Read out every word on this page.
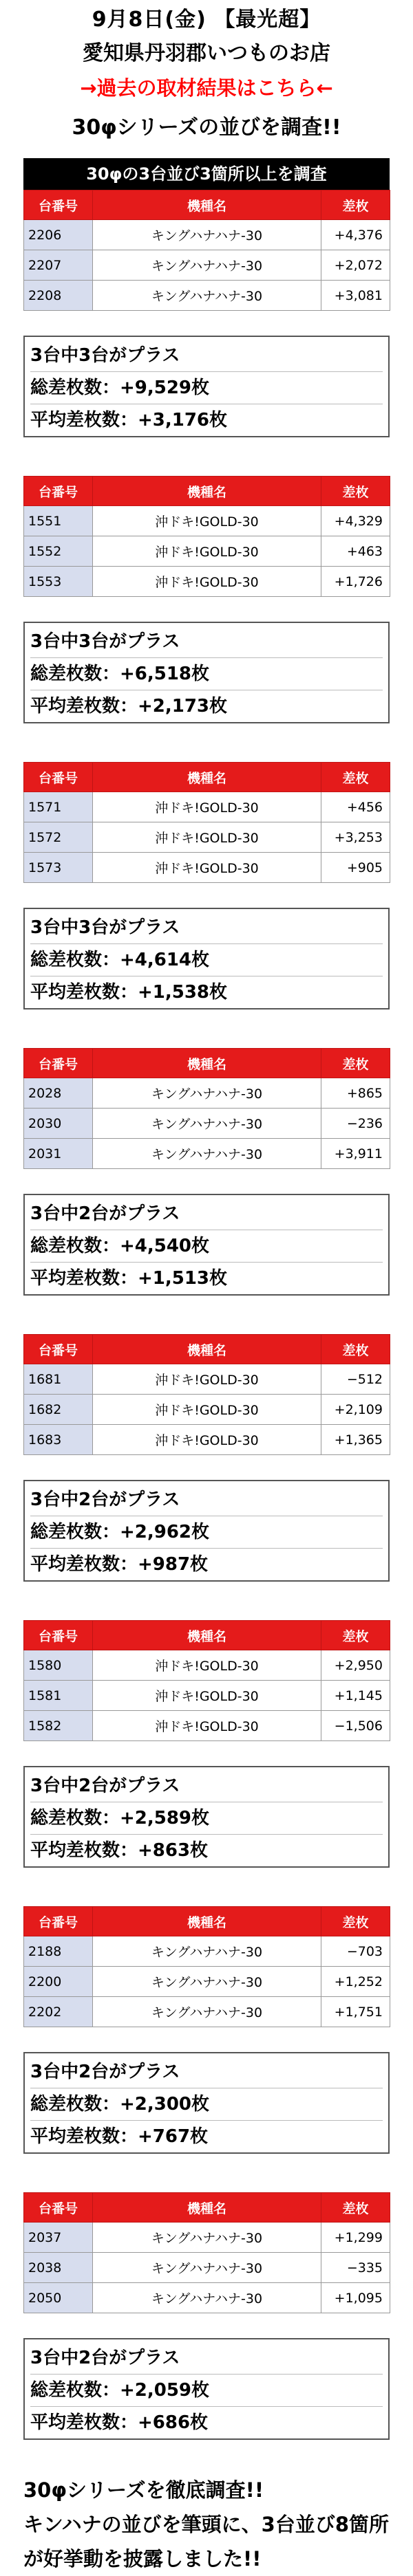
9月8日(金) 【最光超】
愛知県丹羽郡いつものお店
→過去の取材結果はこちら←
30φシリーズの並びを調査!!
30φの3台並び3箇所以上を調査
台番号	機種名	差枚
2206	キングハナハナ-30	+4,376
2207	キングハナハナ-30	+2,072
2208	キングハナハナ-30	+3,081
3台中3台がプラス
総差枚数：+9,529枚
平均差枚数：+3,176枚
台番号	機種名	差枚
1551	沖ドキ!GOLD-30	+4,329
1552	沖ドキ!GOLD-30	+463
1553	沖ドキ!GOLD-30	+1,726
3台中3台がプラス
総差枚数：+6,518枚
平均差枚数：+2,173枚
台番号	機種名	差枚
1571	沖ドキ!GOLD-30	+456
1572	沖ドキ!GOLD-30	+3,253
1573	沖ドキ!GOLD-30	+905
3台中3台がプラス
総差枚数：+4,614枚
平均差枚数：+1,538枚
台番号	機種名	差枚
2028	キングハナハナ-30	+865
2030	キングハナハナ-30	−236
2031	キングハナハナ-30	+3,911
3台中2台がプラス
総差枚数：+4,540枚
平均差枚数：+1,513枚
台番号	機種名	差枚
1681	沖ドキ!GOLD-30	−512
1682	沖ドキ!GOLD-30	+2,109
1683	沖ドキ!GOLD-30	+1,365
3台中2台がプラス
総差枚数：+2,962枚
平均差枚数：+987枚
台番号	機種名	差枚
1580	沖ドキ!GOLD-30	+2,950
1581	沖ドキ!GOLD-30	+1,145
1582	沖ドキ!GOLD-30	−1,506
3台中2台がプラス
総差枚数：+2,589枚
平均差枚数：+863枚
台番号	機種名	差枚
2188	キングハナハナ-30	−703
2200	キングハナハナ-30	+1,252
2202	キングハナハナ-30	+1,751
3台中2台がプラス
総差枚数：+2,300枚
平均差枚数：+767枚
台番号	機種名	差枚
2037	キングハナハナ-30	+1,299
2038	キングハナハナ-30	−335
2050	キングハナハナ-30	+1,095
3台中2台がプラス
総差枚数：+2,059枚
平均差枚数：+686枚
30φシリーズを徹底調査!!
キンハナの並びを筆頭に、3台並び8箇所
が好挙動を披露しました!!
